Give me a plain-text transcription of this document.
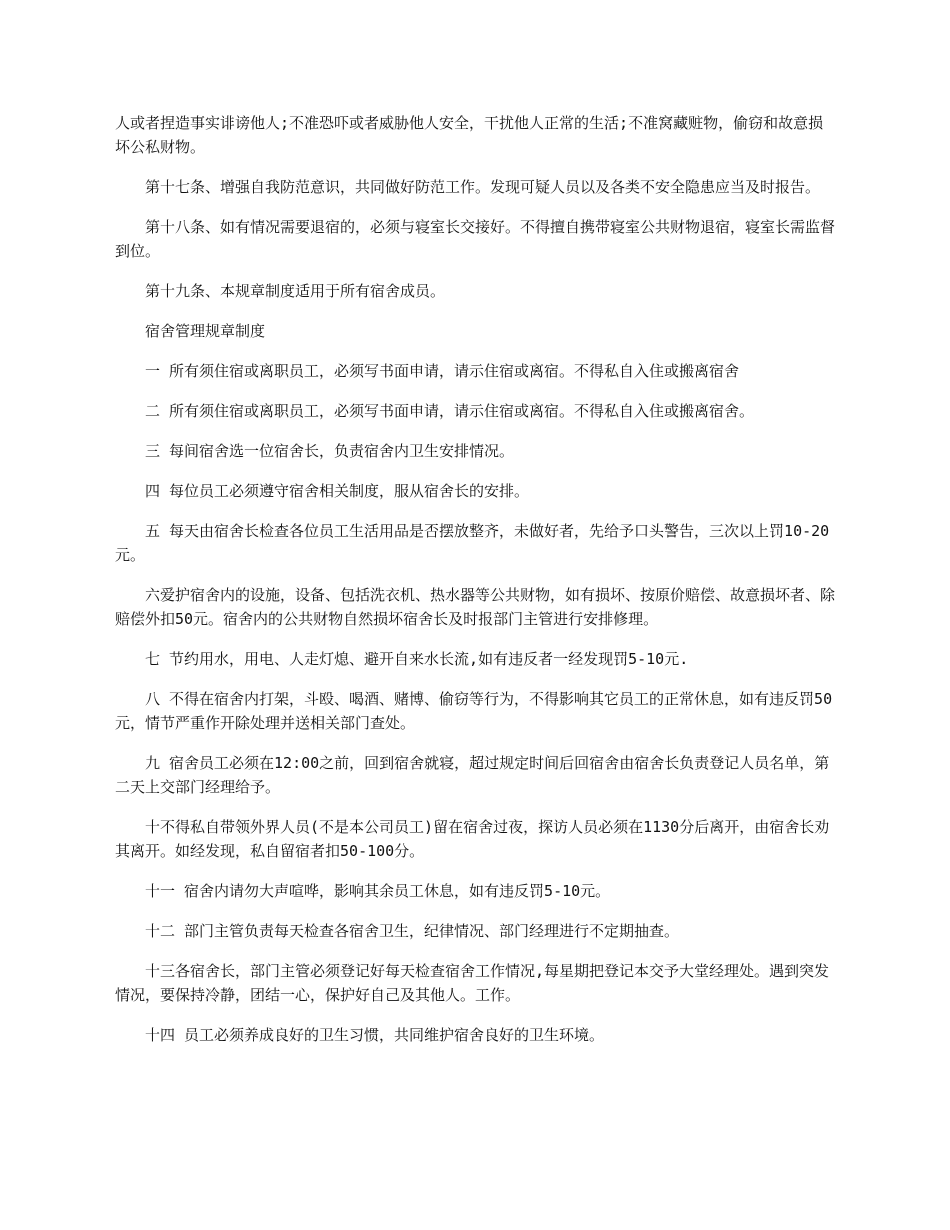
人或者捏造事实诽谤他人;不准恐吓或者威胁他人安全，干扰他人正常的生活;不准窝藏赃物，偷窃和故意损坏公私财物。

第十七条、增强自我防范意识，共同做好防范工作。发现可疑人员以及各类不安全隐患应当及时报告。

第十八条、如有情况需要退宿的，必须与寝室长交接好。不得擅自携带寝室公共财物退宿，寝室长需监督到位。

第十九条、本规章制度适用于所有宿舍成员。

宿舍管理规章制度

一 所有须住宿或离职员工，必须写书面申请，请示住宿或离宿。不得私自入住或搬离宿舍

二 所有须住宿或离职员工，必须写书面申请，请示住宿或离宿。不得私自入住或搬离宿舍。

三 每间宿舍选一位宿舍长，负责宿舍内卫生安排情况。

四 每位员工必须遵守宿舍相关制度，服从宿舍长的安排。

五 每天由宿舍长检查各位员工生活用品是否摆放整齐，未做好者，先给予口头警告，三次以上罚10-20元。

六爱护宿舍内的设施，设备、包括洗衣机、热水器等公共财物，如有损坏、按原价赔偿、故意损坏者、除赔偿外扣50元。宿舍内的公共财物自然损坏宿舍长及时报部门主管进行安排修理。

七 节约用水，用电、人走灯熄、避开自来水长流,如有违反者一经发现罚5-10元.

八 不得在宿舍内打架，斗殴、喝酒、赌博、偷窃等行为，不得影响其它员工的正常休息，如有违反罚50元，情节严重作开除处理并送相关部门查处。

九 宿舍员工必须在12:00之前，回到宿舍就寝，超过规定时间后回宿舍由宿舍长负责登记人员名单，第二天上交部门经理给予。

十不得私自带领外界人员(不是本公司员工)留在宿舍过夜，探访人员必须在1130分后离开，由宿舍长劝其离开。如经发现，私自留宿者扣50-100分。

十一 宿舍内请勿大声喧哗，影响其余员工休息，如有违反罚5-10元。

十二 部门主管负责每天检查各宿舍卫生，纪律情况、部门经理进行不定期抽查。

十三各宿舍长，部门主管必须登记好每天检查宿舍工作情况,每星期把登记本交予大堂经理处。遇到突发情况，要保持冷静，团结一心，保护好自己及其他人。工作。

十四 员工必须养成良好的卫生习惯，共同维护宿舍良好的卫生环境。
